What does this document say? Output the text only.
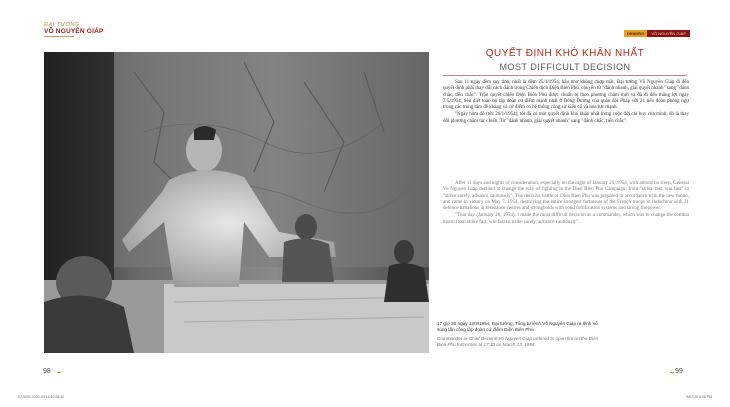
ĐẠI TƯỚNG
VÕ NGUYÊN GIÁP	DENDRO	VÕ NGUYÊN GIÁP
QUYẾT ĐỊNH KHÓ KHĂN NHẤT
MOST DIFFICULT DECISION

Sau 11 ngày đêm suy tính, nhất là đêm 25/1/1954, hầu như không chợp mắt, Đại tướng Võ Nguyên Giáp đi đến quyết định phải thay đổi cách đánh trong Chiến dịch Điện Biên Phủ, chuyển từ "đánh nhanh, giải quyết nhanh" sang "đánh chắc, tiến chắc". Trận quyết chiến Điện Biên Phủ được chuẩn bị theo phương châm mới và đã đi đến thắng lợi ngày 7/5/1954, tiêu diệt toàn bộ tập đoàn cứ điểm mạnh nhất ở Đông Dương của quân đội Pháp với 21 tiểu đoàn phòng ngự trong các trung tâm đề kháng và cứ điểm có hệ thống công sự kiên cố và hỏa lực mạnh.

"Ngày hôm đó (tức 26/1/1954), tôi đã có một quyết định khó khăn nhất trong cuộc đời chỉ huy của mình, đó là thay đổi phương châm tác chiến. Từ "đánh nhanh, giải quyết nhanh" sang "đánh chắc, tiến chắc".

After 11 days and nights of consideration, especially on the night of January 25, 1954, with almost no sleep, General Vo Nguyen Giap decided to change the way of fighting in the Dien Bien Phu Campaign, from "strike fast, win fast" to "strike surely, advance cautiously". The decisive battle of Dien Bien Phu was prepared in accordance with the new motto, and came to victory on May 7, 1954, destroying the entire strongest fortresses of the French troops in Indochina with 21 defence battalions in resistance centres and strongholds with solid fortification systems and strong firepower.

"That day (January 26, 1954), I made the most difficult decision as a commander, which was to change the combat motto from strike fast, win fast to strike surely, advance cautiously".

17 giờ 30 ngày 13/3/1954, Đại tướng, Tổng tư lệnh Võ Nguyên Giáp ra lệnh nổ súng tấn công tập đoàn cứ điểm Điện Biên Phủ
Commander-in-Chief General Vo Nguyen Giap ordered to open fire on the Dien Bien Phu fortresses at 17:30 on March 13, 1954
98	99
07-VNG-2020-04 14:40 08:40	8/07/20 4:08 PM
